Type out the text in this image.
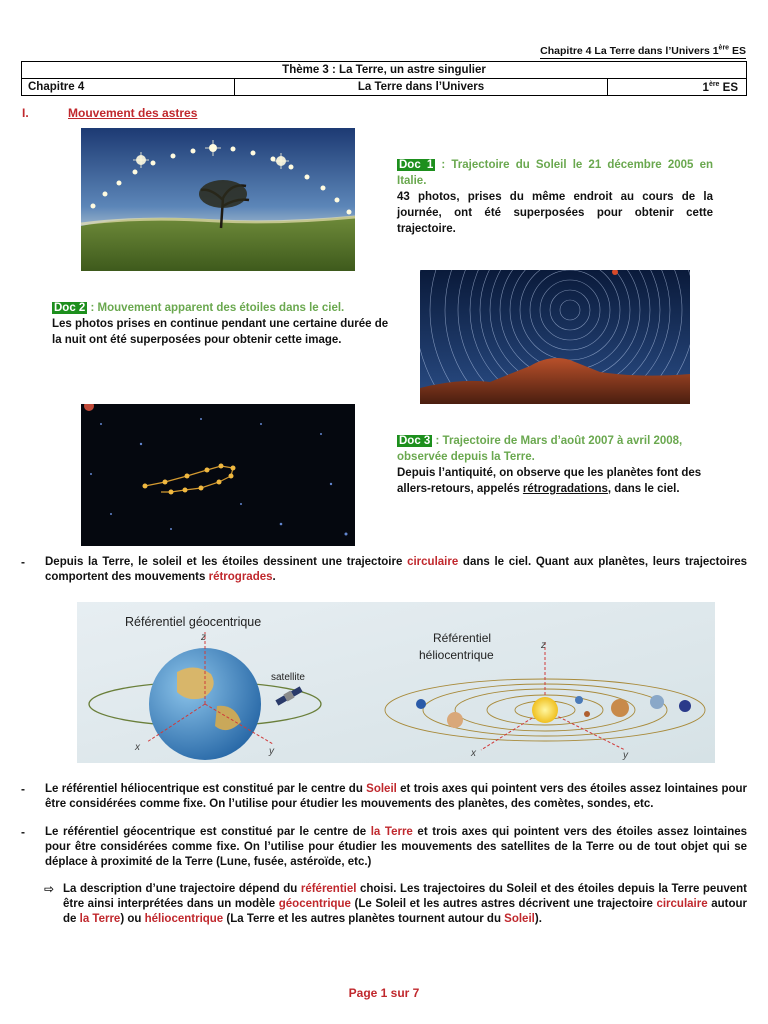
Chapitre 4 La Terre dans l’Univers 1ère ES
Thème 3 : La Terre, un astre singulier
Chapitre 4	La Terre dans l’Univers	1ère ES
I.	Mouvement des astres
Doc 1 : Trajectoire du Soleil le 21 décembre 2005 en Italie.
43 photos, prises du même endroit au cours de la journée, ont été superposées pour obtenir cette trajectoire.
Doc 2 : Mouvement apparent des étoiles dans le ciel.
Les photos prises en continue pendant une certaine durée de la nuit ont été superposées pour obtenir cette image.
Doc 3 : Trajectoire de Mars d’août 2007 à avril 2008, observée depuis la Terre.
Depuis l’antiquité, on observe que les planètes font des allers-retours, appelés rétrogradations, dans le ciel.
- Depuis la Terre, le soleil et les étoiles dessinent une trajectoire circulaire dans le ciel. Quant aux planètes, leurs trajectoires comportent des mouvements rétrogrades.
Référentiel géocentrique
z
x	y
satellite
Référentiel
héliocentrique
z
x	y
- Le référentiel héliocentrique est constitué par le centre du Soleil et trois axes qui pointent vers des étoiles assez lointaines pour être considérées comme fixe. On l’utilise pour étudier les mouvements des planètes, des comètes, sondes, etc.
- Le référentiel géocentrique est constitué par le centre de la Terre et trois axes qui pointent vers des étoiles assez lointaines pour être considérées comme fixe. On l’utilise pour étudier les mouvements des satellites de la Terre ou de tout objet qui se déplace à proximité de la Terre (Lune, fusée, astéroïde, etc.)
⇨ La description d’une trajectoire dépend du référentiel choisi. Les trajectoires du Soleil et des étoiles depuis la Terre peuvent être ainsi interprétées dans un modèle géocentrique (Le Soleil et les autres astres décrivent une trajectoire circulaire autour de la Terre) ou héliocentrique (La Terre et les autres planètes tournent autour du Soleil).
Page 1 sur 7
